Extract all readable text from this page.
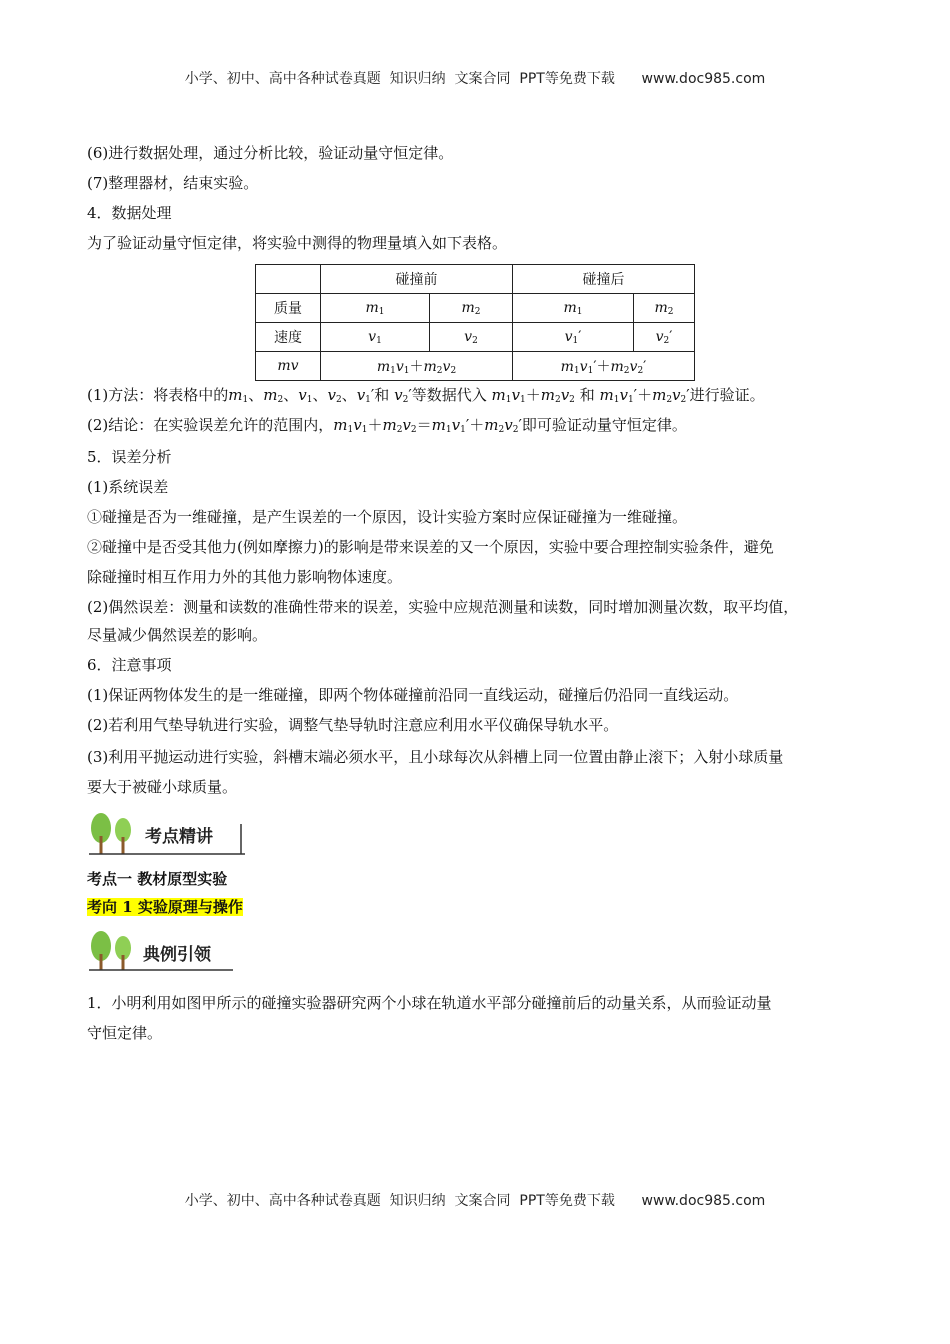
小学、初中、高中各种试卷真题  知识归纳  文案合同  PPT等免费下载      www.doc985.com
(6)进行数据处理，通过分析比较，验证动量守恒定律。
(7)整理器材，结束实验。
4．数据处理
为了验证动量守恒定律，将实验中测得的物理量填入如下表格。
	碰撞前		碰撞后	
质量	$m_1$	$m_2$	$m_1$	$m_2$
速度	$v_1$	$v_2$	$v_1'$	$v_2'$
mv	$m_1v_1+m_2v_2$		$m_1v_1'+m_2v_2'$	
(1)方法：将表格中的$m_1$、$m_2$、$v_1$、$v_2$、$v_1'$和 $v_2'$等数据代入 $m_1v_1+m_2v_2$ 和 $m_1v_1'+m_2v_2'$进行验证。
(2)结论：在实验误差允许的范围内，$m_1v_1+m_2v_2=m_1v_1'+m_2v_2'$即可验证动量守恒定律。
5．误差分析
(1)系统误差
①碰撞是否为一维碰撞，是产生误差的一个原因，设计实验方案时应保证碰撞为一维碰撞。
②碰撞中是否受其他力(例如摩擦力)的影响是带来误差的又一个原因，实验中要合理控制实验条件，避免
除碰撞时相互作用力外的其他力影响物体速度。
(2)偶然误差：测量和读数的准确性带来的误差，实验中应规范测量和读数，同时增加测量次数，取平均值，
尽量减少偶然误差的影响。
6．注意事项
(1)保证两物体发生的是一维碰撞，即两个物体碰撞前沿同一直线运动，碰撞后仍沿同一直线运动。
(2)若利用气垫导轨进行实验，调整气垫导轨时注意应利用水平仪确保导轨水平。
(3)利用平抛运动进行实验，斜槽末端必须水平，且小球每次从斜槽上同一位置由静止滚下；入射小球质量
要大于被碰小球质量。
考点精讲
考点一 教材原型实验
考向 1 实验原理与操作
典例引领
1．小明利用如图甲所示的碰撞实验器研究两个小球在轨道水平部分碰撞前后的动量关系，从而验证动量
守恒定律。
小学、初中、高中各种试卷真题  知识归纳  文案合同  PPT等免费下载      www.doc985.com
